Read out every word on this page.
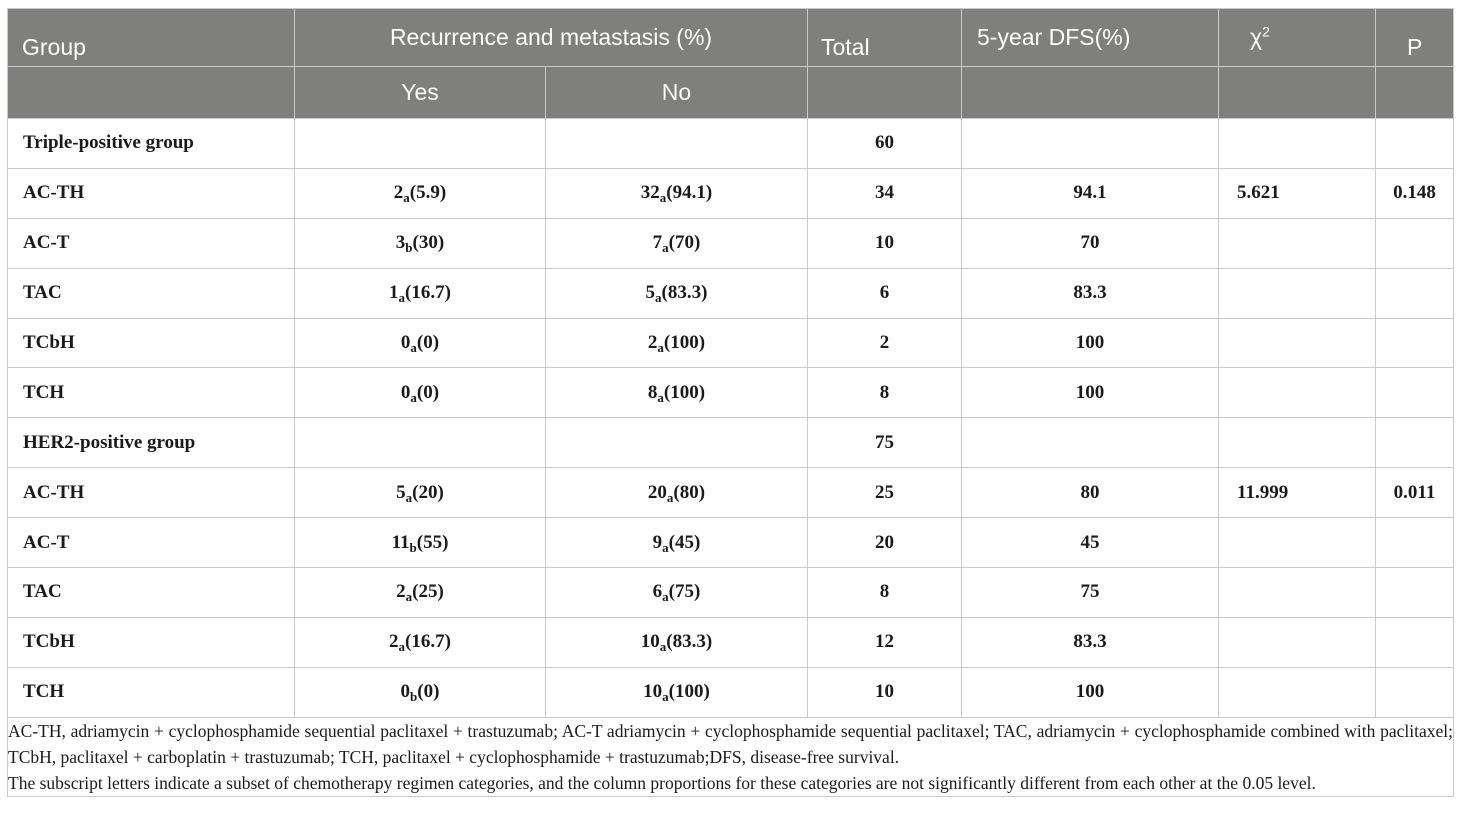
Group	Recurrence and metastasis (%)		Total	5-year DFS(%)	$\chi^2$	P
	Yes	No				
Triple-positive group			60			
AC-TH	$2_a(5.9)$	$32_a(94.1)$	34	94.1	5.621	0.148
AC-T	$3_b(30)$	$7_a(70)$	10	70		
TAC	$1_a(16.7)$	$5_a(83.3)$	6	83.3		
TCbH	$0_a(0)$	$2_a(100)$	2	100		
TCH	$0_a(0)$	$8_a(100)$	8	100		
HER2-positive group			75			
AC-TH	$5_a(20)$	$20_a(80)$	25	80	11.999	0.011
AC-T	$11_b(55)$	$9_a(45)$	20	45		
TAC	$2_a(25)$	$6_a(75)$	8	75		
TCbH	$2_a(16.7)$	$10_a(83.3)$	12	83.3		
TCH	$0_b(0)$	$10_a(100)$	10	100		

AC-TH, adriamycin + cyclophosphamide sequential paclitaxel + trastuzumab; AC-T adriamycin + cyclophosphamide sequential paclitaxel; TAC, adriamycin + cyclophosphamide combined with paclitaxel; TCbH, paclitaxel + carboplatin + trastuzumab; TCH, paclitaxel + cyclophosphamide + trastuzumab;DFS, disease-free survival.

The subscript letters indicate a subset of chemotherapy regimen categories, and the column proportions for these categories are not significantly different from each other at the 0.05 level.						
